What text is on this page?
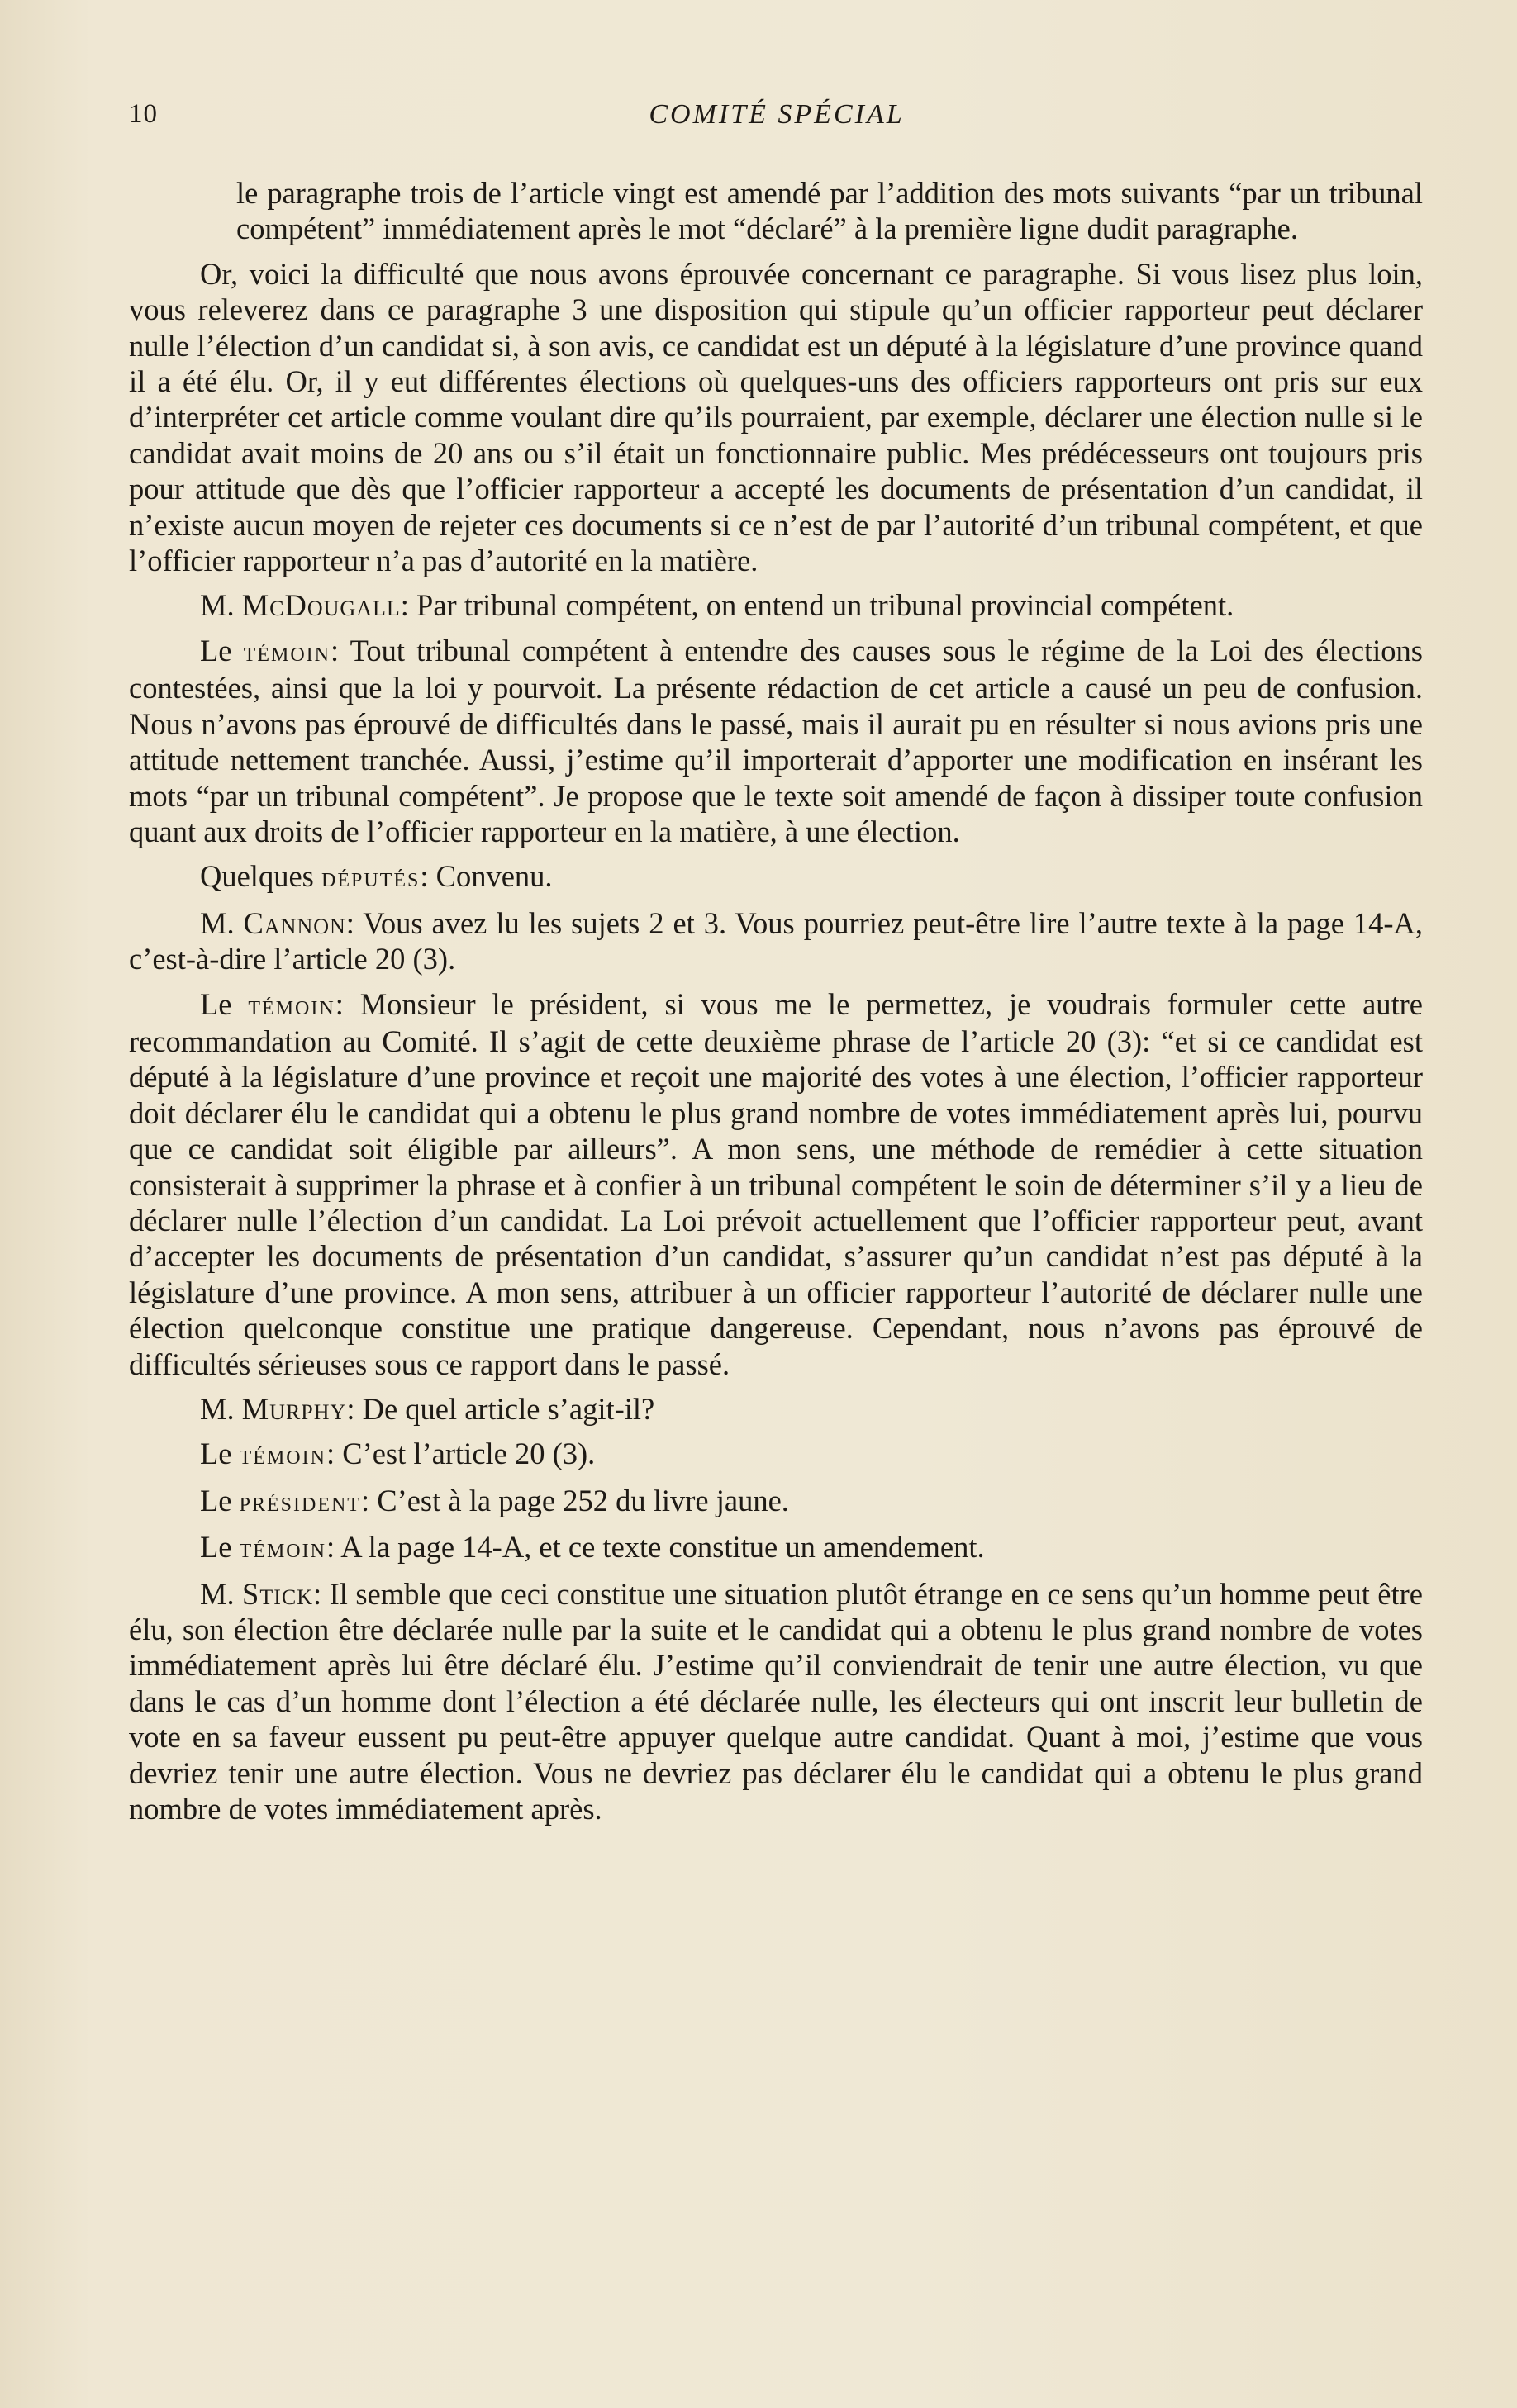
10	COMITÉ SPÉCIAL

le paragraphe trois de l’article vingt est amendé par l’addition des mots suivants “par un tribunal compétent” immédiatement après le mot “déclaré” à la première ligne dudit paragraphe.

Or, voici la difficulté que nous avons éprouvée concernant ce paragraphe. Si vous lisez plus loin, vous releverez dans ce paragraphe 3 une disposition qui stipule qu’un officier rapporteur peut déclarer nulle l’élection d’un candidat si, à son avis, ce candidat est un député à la législature d’une province quand il a été élu. Or, il y eut différentes élections où quelques-uns des officiers rapporteurs ont pris sur eux d’interpréter cet article comme voulant dire qu’ils pourraient, par exemple, déclarer une élection nulle si le candidat avait moins de 20 ans ou s’il était un fonctionnaire public. Mes prédécesseurs ont toujours pris pour attitude que dès que l’officier rapporteur a accepté les documents de présentation d’un candidat, il n’existe aucun moyen de rejeter ces documents si ce n’est de par l’autorité d’un tribunal compétent, et que l’officier rapporteur n’a pas d’autorité en la matière.

M. McDougall: Par tribunal compétent, on entend un tribunal provincial compétent.

Le témoin: Tout tribunal compétent à entendre des causes sous le régime de la Loi des élections contestées, ainsi que la loi y pourvoit. La présente rédaction de cet article a causé un peu de confusion. Nous n’avons pas éprouvé de difficultés dans le passé, mais il aurait pu en résulter si nous avions pris une attitude nettement tranchée. Aussi, j’estime qu’il importerait d’apporter une modification en insérant les mots “par un tribunal compétent”. Je propose que le texte soit amendé de façon à dissiper toute confusion quant aux droits de l’officier rapporteur en la matière, à une élection.

Quelques députés: Convenu.

M. Cannon: Vous avez lu les sujets 2 et 3. Vous pourriez peut-être lire l’autre texte à la page 14-A, c’est-à-dire l’article 20 (3).

Le témoin: Monsieur le président, si vous me le permettez, je voudrais formuler cette autre recommandation au Comité. Il s’agit de cette deuxième phrase de l’article 20 (3): “et si ce candidat est député à la législature d’une province et reçoit une majorité des votes à une élection, l’officier rapporteur doit déclarer élu le candidat qui a obtenu le plus grand nombre de votes immédiatement après lui, pourvu que ce candidat soit éligible par ailleurs”. A mon sens, une méthode de remédier à cette situation consisterait à supprimer la phrase et à confier à un tribunal compétent le soin de déterminer s’il y a lieu de déclarer nulle l’élection d’un candidat. La Loi prévoit actuellement que l’officier rapporteur peut, avant d’accepter les documents de présentation d’un candidat, s’assurer qu’un candidat n’est pas député à la législature d’une province. A mon sens, attribuer à un officier rapporteur l’autorité de déclarer nulle une élection quelconque constitue une pratique dangereuse. Cependant, nous n’avons pas éprouvé de difficultés sérieuses sous ce rapport dans le passé.

M. Murphy: De quel article s’agit-il?

Le témoin: C’est l’article 20 (3).

Le président: C’est à la page 252 du livre jaune.

Le témoin: A la page 14-A, et ce texte constitue un amendement.

M. Stick: Il semble que ceci constitue une situation plutôt étrange en ce sens qu’un homme peut être élu, son élection être déclarée nulle par la suite et le candidat qui a obtenu le plus grand nombre de votes immédiatement après lui être déclaré élu. J’estime qu’il conviendrait de tenir une autre élection, vu que dans le cas d’un homme dont l’élection a été déclarée nulle, les électeurs qui ont inscrit leur bulletin de vote en sa faveur eussent pu peut-être appuyer quelque autre candidat. Quant à moi, j’estime que vous devriez tenir une autre élection. Vous ne devriez pas déclarer élu le candidat qui a obtenu le plus grand nombre de votes immédiatement après.
